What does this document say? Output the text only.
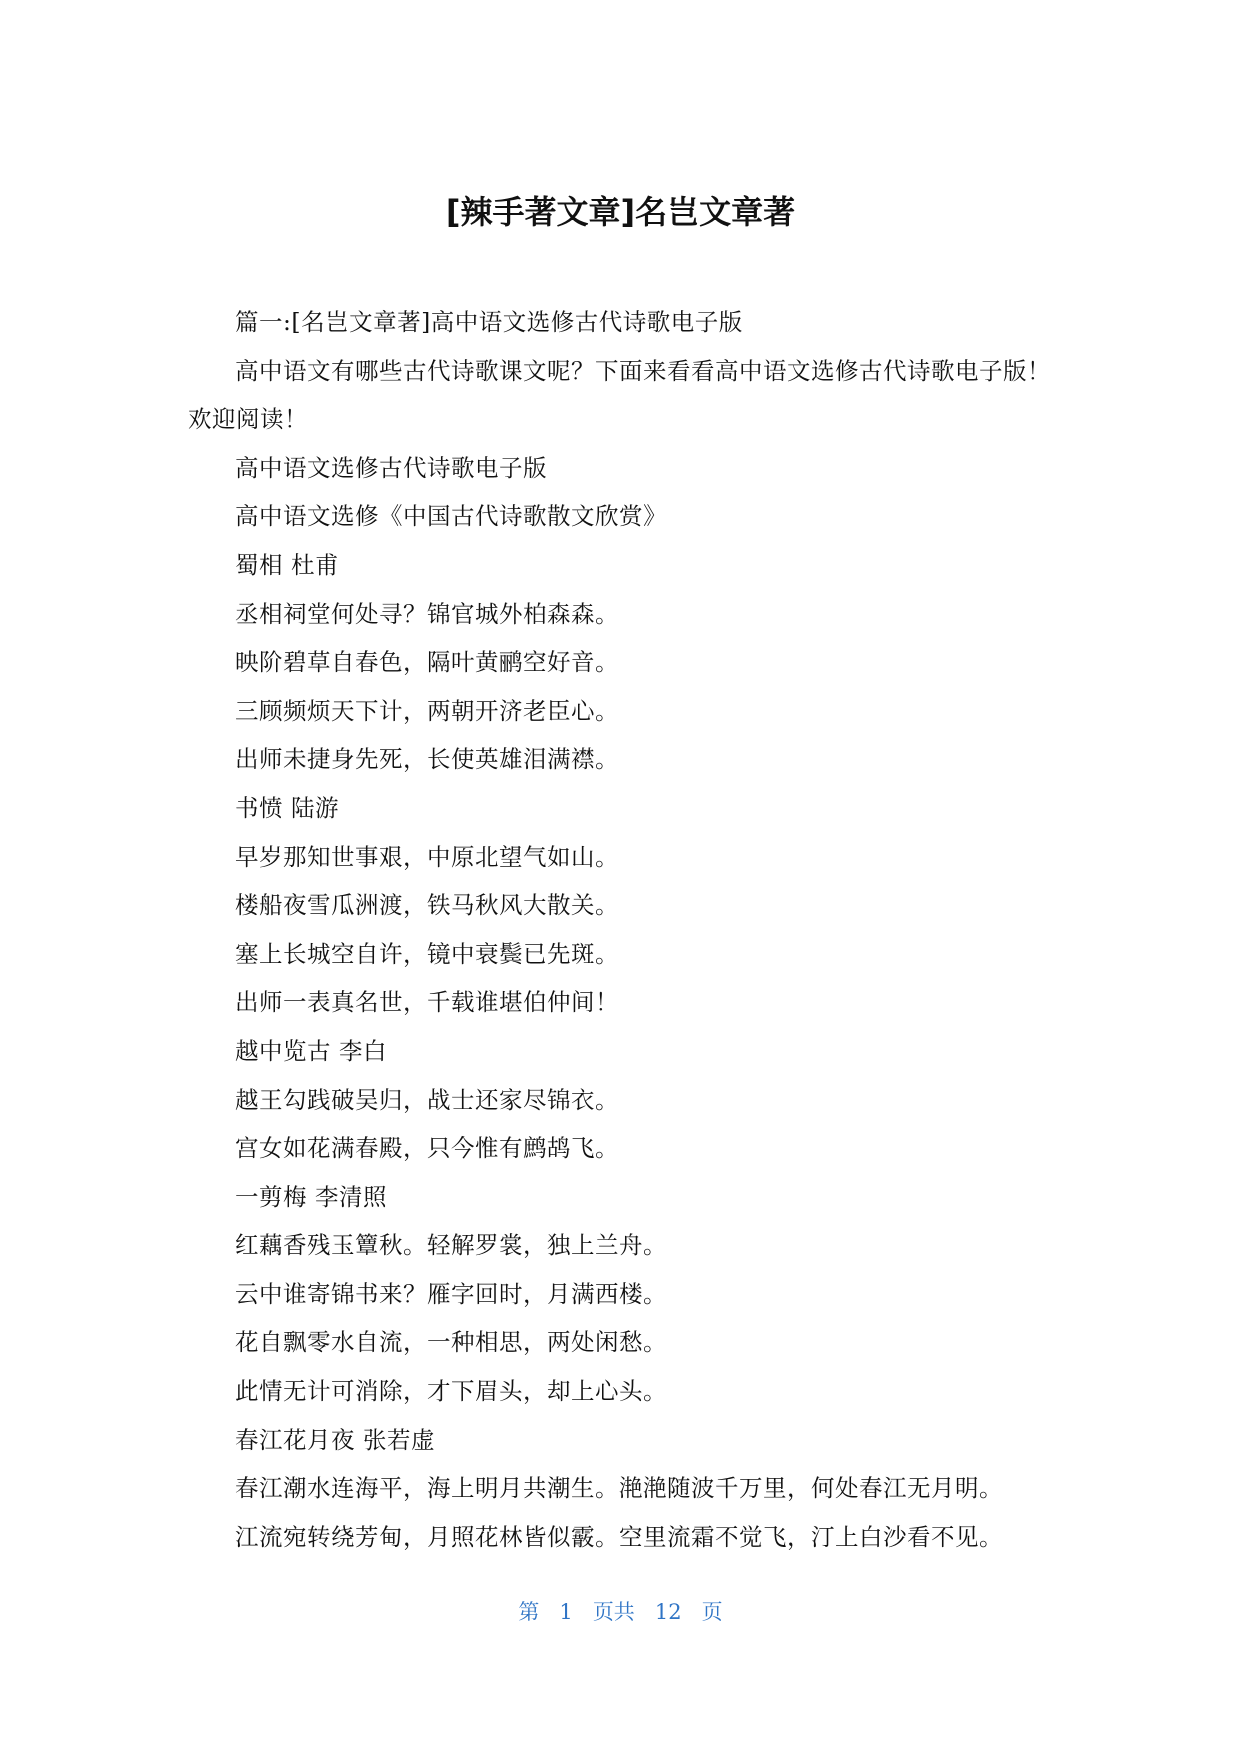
[辣手著文章]名岂文章著

篇一:[名岂文章著]高中语文选修古代诗歌电子版

高中语文有哪些古代诗歌课文呢？下面来看看高中语文选修古代诗歌电子版！欢迎阅读！

高中语文选修古代诗歌电子版

高中语文选修《中国古代诗歌散文欣赏》

蜀相 杜甫

丞相祠堂何处寻？锦官城外柏森森。

映阶碧草自春色，隔叶黄鹂空好音。

三顾频烦天下计，两朝开济老臣心。

出师未捷身先死，长使英雄泪满襟。

书愤 陆游

早岁那知世事艰，中原北望气如山。

楼船夜雪瓜洲渡，铁马秋风大散关。

塞上长城空自许，镜中衰鬓已先斑。

出师一表真名世，千载谁堪伯仲间！

越中览古 李白

越王勾践破吴归，战士还家尽锦衣。

宫女如花满春殿，只今惟有鹧鸪飞。

一剪梅 李清照

红藕香残玉簟秋。轻解罗裳，独上兰舟。

云中谁寄锦书来？雁字回时，月满西楼。

花自飘零水自流，一种相思，两处闲愁。

此情无计可消除，才下眉头，却上心头。

春江花月夜 张若虚

春江潮水连海平，海上明月共潮生。滟滟随波千万里，何处春江无月明。

江流宛转绕芳甸，月照花林皆似霰。空里流霜不觉飞，汀上白沙看不见。

第 1 页共 12 页
